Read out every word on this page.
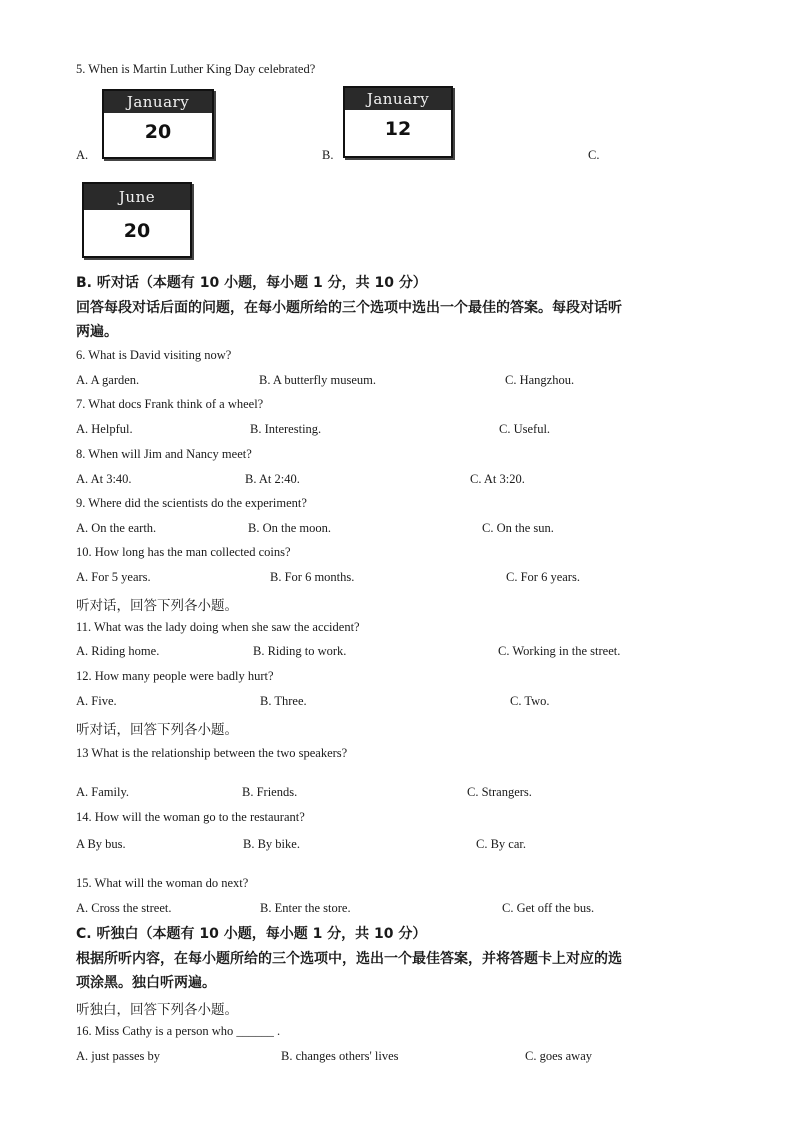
5. When is Martin Luther King Day celebrated?
A.
January
20
B.
January
12
C.
June
20
B. 听对话（本题有 10 小题，每小题 1 分，共 10 分）
回答每段对话后面的问题，在每小题所给的三个选项中选出一个最佳的答案。每段对话听
两遍。
6. What is David visiting now?
A. A garden.	B. A butterfly museum.	C. Hangzhou.
7. What docs Frank think of a wheel?
A. Helpful.	B. Interesting.	C. Useful.
8. When will Jim and Nancy meet?
A. At 3:40.	B. At 2:40.	C. At 3:20.
9. Where did the scientists do the experiment?
A. On the earth.	B. On the moon.	C. On the sun.
10. How long has the man collected coins?
A. For 5 years.	B. For 6 months.	C. For 6 years.
听对话，回答下列各小题。
11. What was the lady doing when she saw the accident?
A. Riding home.	B. Riding to work.	C. Working in the street.
12. How many people were badly hurt?
A. Five.	B. Three.	C. Two.
听对话，回答下列各小题。
13 What is the relationship between the two speakers?
A. Family.	B. Friends.	C. Strangers.
14. How will the woman go to the restaurant?
A By bus.	B. By bike.	C. By car.
15. What will the woman do next?
A. Cross the street.	B. Enter the store.	C. Get off the bus.
C. 听独白（本题有 10 小题，每小题 1 分，共 10 分）
根据所听内容，在每小题所给的三个选项中，选出一个最佳答案，并将答题卡上对应的选
项涂黑。独白听两遍。
听独白，回答下列各小题。
16. Miss Cathy is a person who ______ .
A. just passes by	B. changes others' lives	C. goes away
